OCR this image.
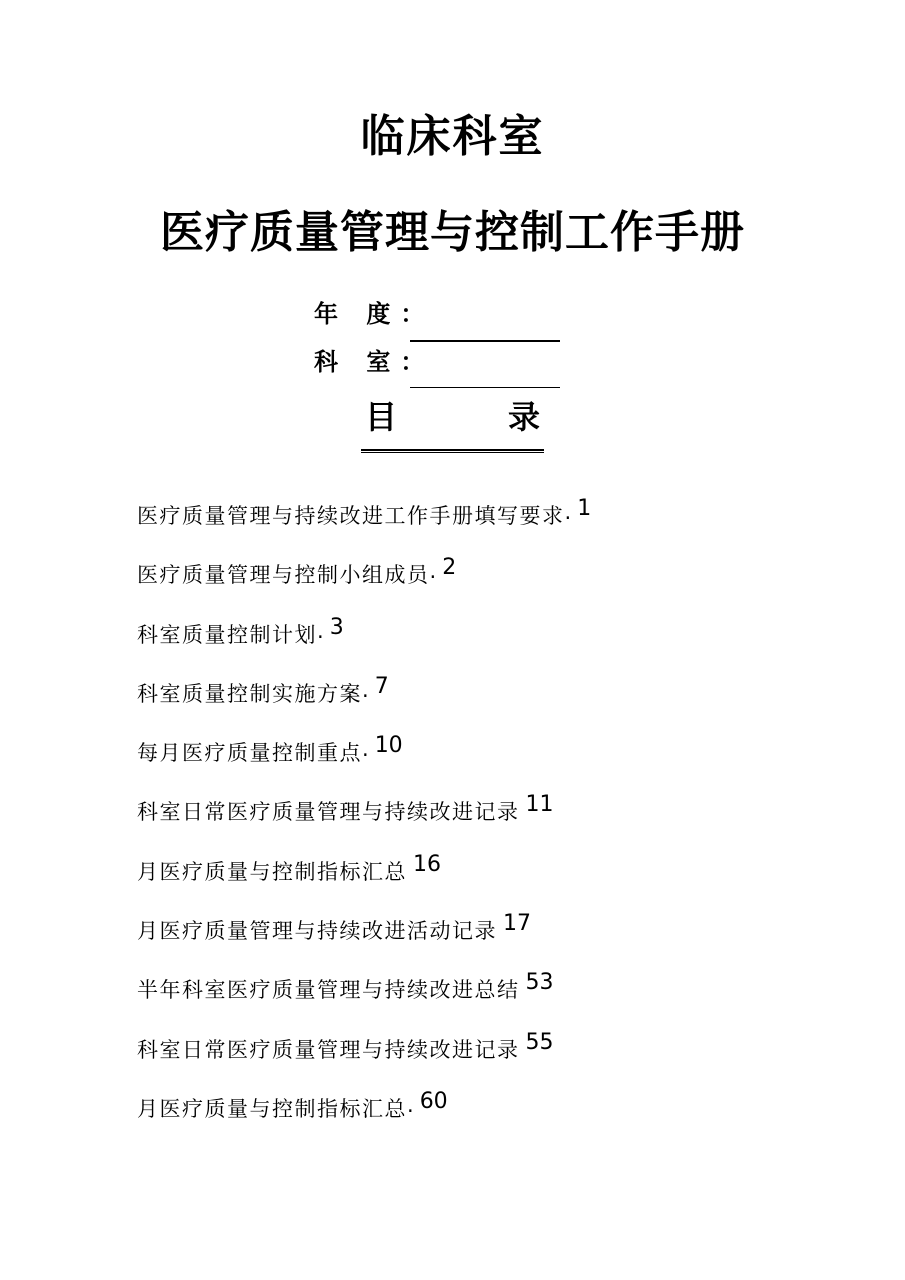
临床科室
医疗质量管理与控制工作手册
年 度：
科 室：
目	录
医疗质量管理与持续改进工作手册填写要求 . 1
医疗质量管理与控制小组成员 . 2
科室质量控制计划 . 3
科室质量控制实施方案 . 7
每月医疗质量控制重点 . 10
科室日常医疗质量管理与持续改进记录 11
月医疗质量与控制指标汇总 16
月医疗质量管理与持续改进活动记录 17
半年科室医疗质量管理与持续改进总结 53
科室日常医疗质量管理与持续改进记录 55
月医疗质量与控制指标汇总 . 60
